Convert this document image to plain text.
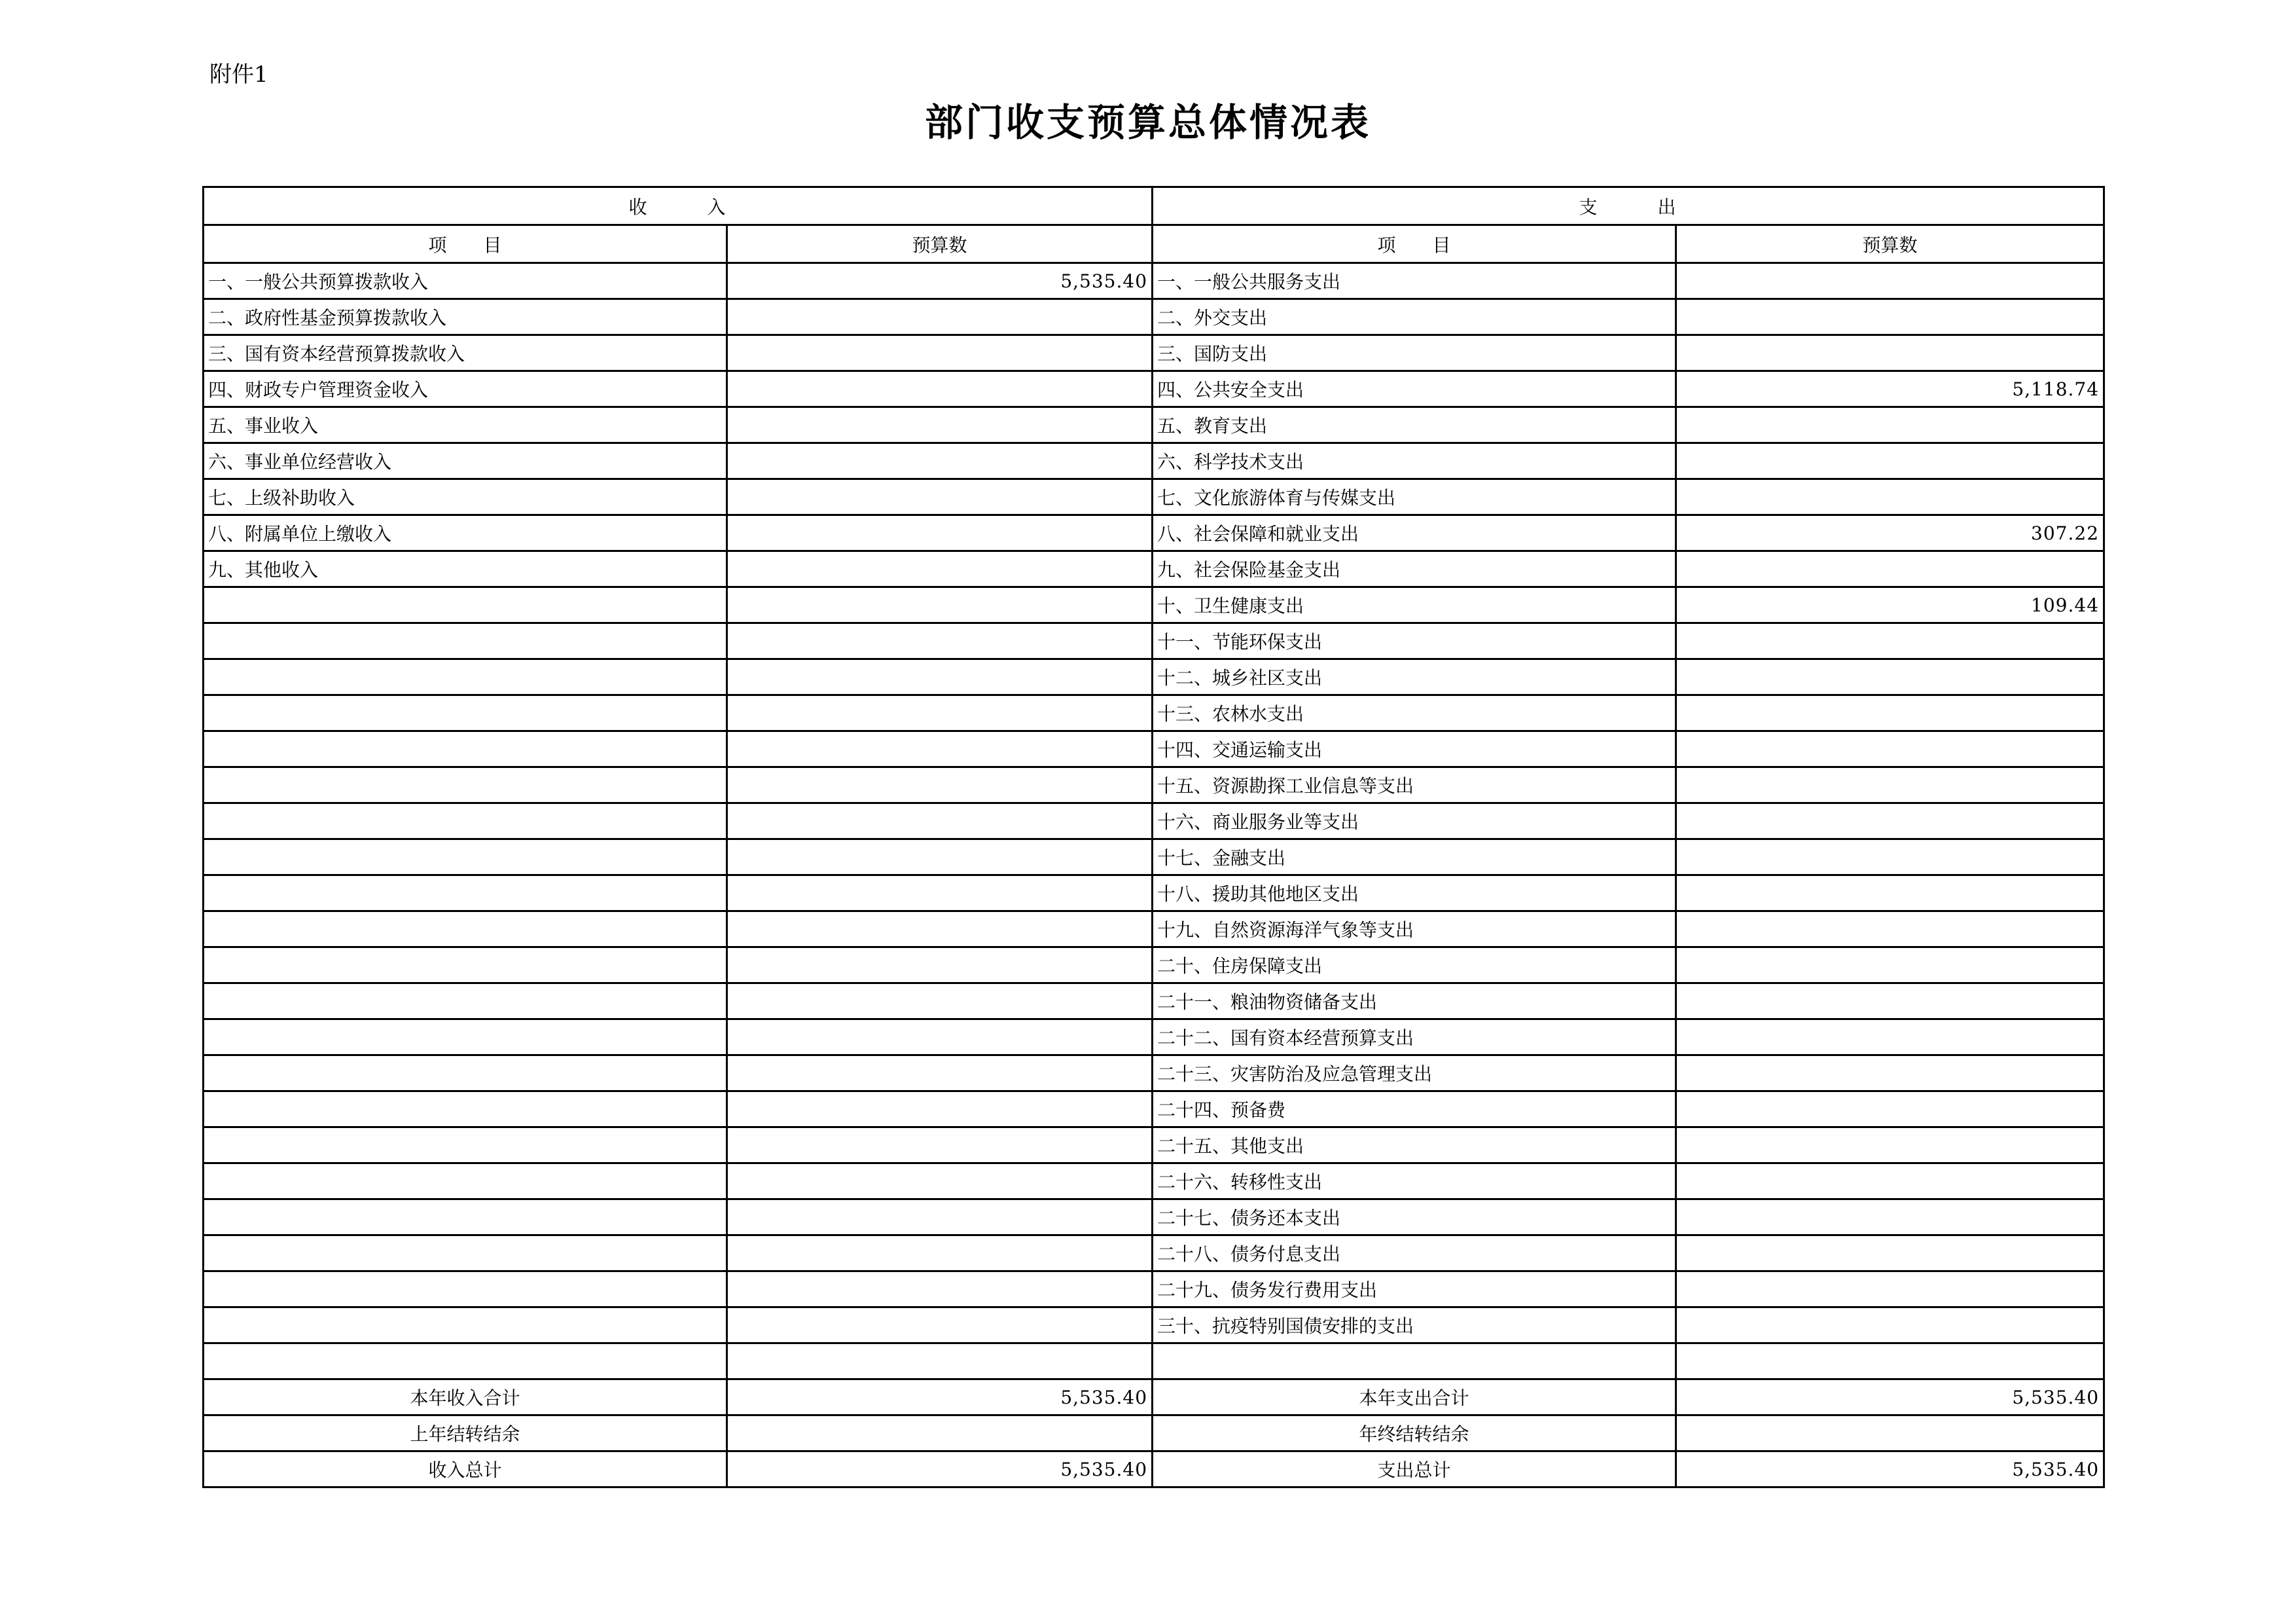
附件1
部门收支预算总体情况表
收　　　入		支　　　出	
项　　目	预算数	项　　目	预算数
一、一般公共预算拨款收入	5,535.40	一、一般公共服务支出	
二、政府性基金预算拨款收入		二、外交支出	
三、国有资本经营预算拨款收入		三、国防支出	
四、财政专户管理资金收入		四、公共安全支出	5,118.74
五、事业收入		五、教育支出	
六、事业单位经营收入		六、科学技术支出	
七、上级补助收入		七、文化旅游体育与传媒支出	
八、附属单位上缴收入		八、社会保障和就业支出	307.22
九、其他收入		九、社会保险基金支出	
		十、卫生健康支出	109.44
		十一、节能环保支出	
		十二、城乡社区支出	
		十三、农林水支出	
		十四、交通运输支出	
		十五、资源勘探工业信息等支出	
		十六、商业服务业等支出	
		十七、金融支出	
		十八、援助其他地区支出	
		十九、自然资源海洋气象等支出	
		二十、住房保障支出	
		二十一、粮油物资储备支出	
		二十二、国有资本经营预算支出	
		二十三、灾害防治及应急管理支出	
		二十四、预备费	
		二十五、其他支出	
		二十六、转移性支出	
		二十七、债务还本支出	
		二十八、债务付息支出	
		二十九、债务发行费用支出	
		三十、抗疫特别国债安排的支出	

本年收入合计	5,535.40	本年支出合计	5,535.40
上年结转结余		年终结转结余	
收入总计	5,535.40	支出总计	5,535.40
